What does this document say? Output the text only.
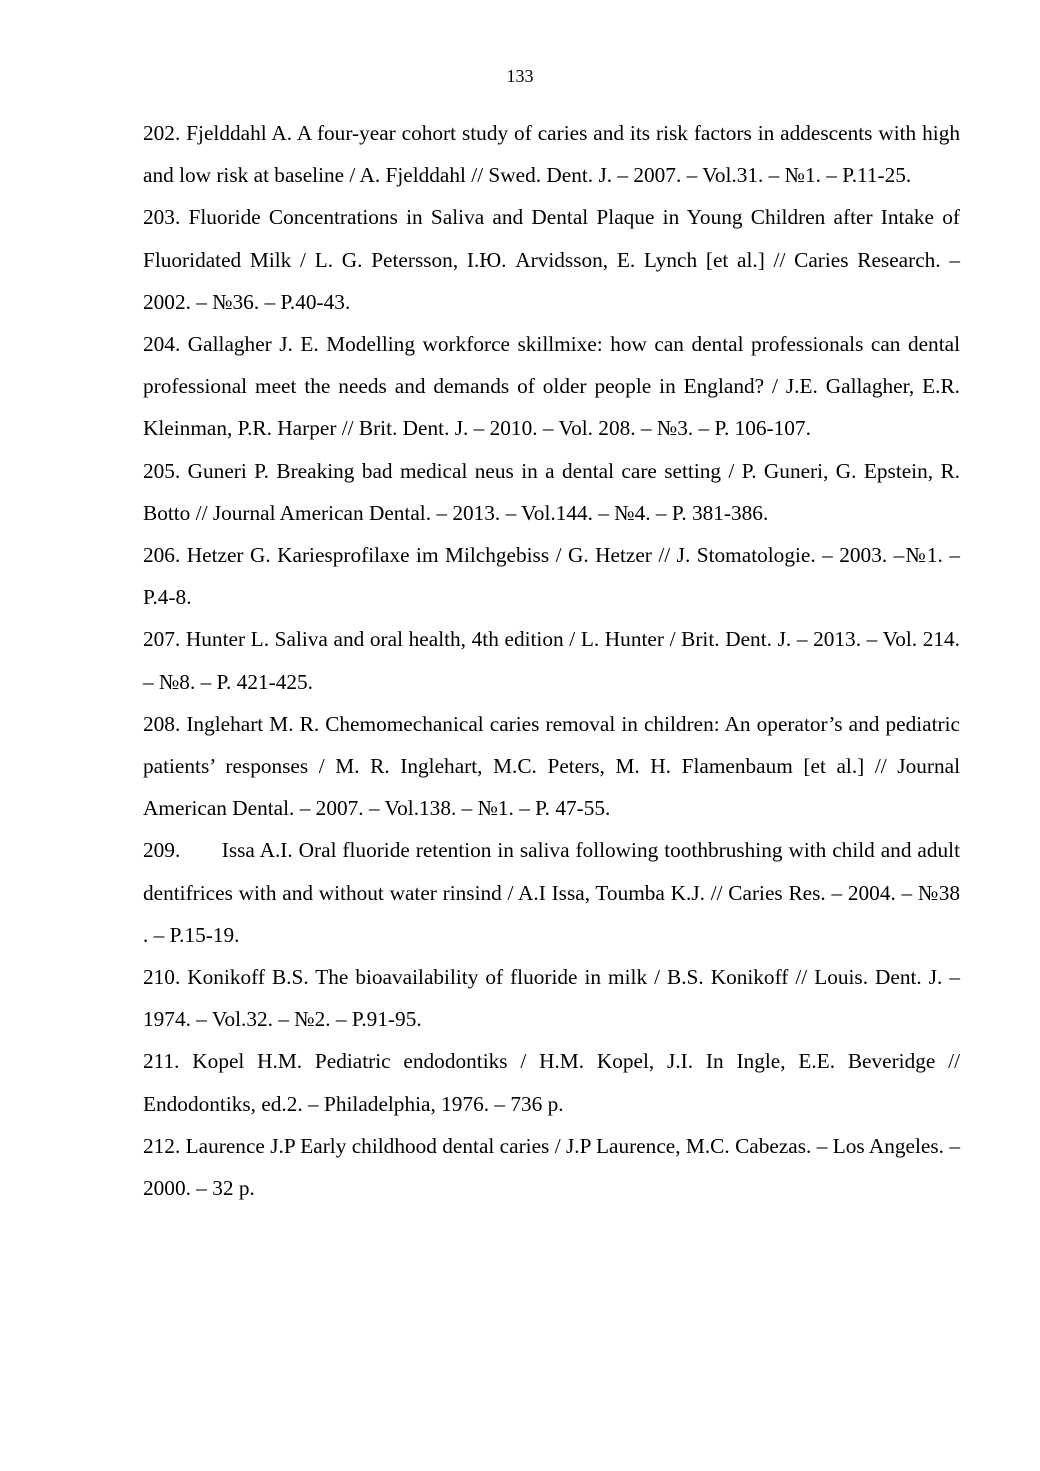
133

202. Fjelddahl A. A four-year cohort study of caries and its risk factors in addescents with high and low risk at baseline / A. Fjelddahl // Swed. Dent. J. – 2007. – Vol.31. – №1. – P.11-25.

203. Fluoride Concentrations in Saliva and Dental Plaque in Young Children after Intake of Fluoridated Milk / L. G. Petersson, I.Ю. Arvidsson, E. Lynch [et al.] // Caries Research. – 2002. – №36. – P.40-43.

204. Gallagher J. E. Modelling workforce skillmixe: how can dental professionals can dental professional meet the needs and demands of older people in England? / J.E. Gallagher, E.R. Kleinman, P.R. Harper // Brit. Dent. J. – 2010. – Vol. 208. – №3. – P. 106-107.

205. Guneri P. Breaking bad medical neus in a dental care setting / P. Guneri, G. Epstein, R. Botto // Journal American Dental. – 2013. – Vol.144. – №4. – P. 381-386.

206. Hetzer G. Kariesprofilaxe im Milchgebiss / G. Hetzer // J. Stomatologie. – 2003. –№1. – P.4-8.

207. Hunter L. Saliva and oral health, 4th edition / L. Hunter / Brit. Dent. J. – 2013. – Vol. 214. – №8. – P. 421-425.

208. Inglehart M. R. Chemomechanical caries removal in children: An operator’s and pediatric patients’ responses / M. R. Inglehart, M.C. Peters, M. H. Flamenbaum [et al.] // Journal American Dental. – 2007. – Vol.138. – №1. – P. 47-55.

209.       Issa A.I. Oral fluoride retention in saliva following toothbrushing with child and adult dentifrices with and without water rinsind / A.I Issa, Toumba K.J. // Caries Res. – 2004. – №38 . – P.15-19.

210. Konikoff B.S. The bioavailability of fluoride in milk / B.S. Konikoff // Louis. Dent. J. – 1974. – Vol.32. – №2. – P.91-95.

211. Kopel H.M. Pediatric endodontiks / H.M. Kopel, J.I. In Ingle, E.E. Beveridge // Endodontiks, ed.2. – Philadelphia, 1976. – 736 p.

212. Laurence J.P Early childhood dental caries / J.P Laurence, M.C. Cabezas. – Los Angeles. – 2000. – 32 p.
